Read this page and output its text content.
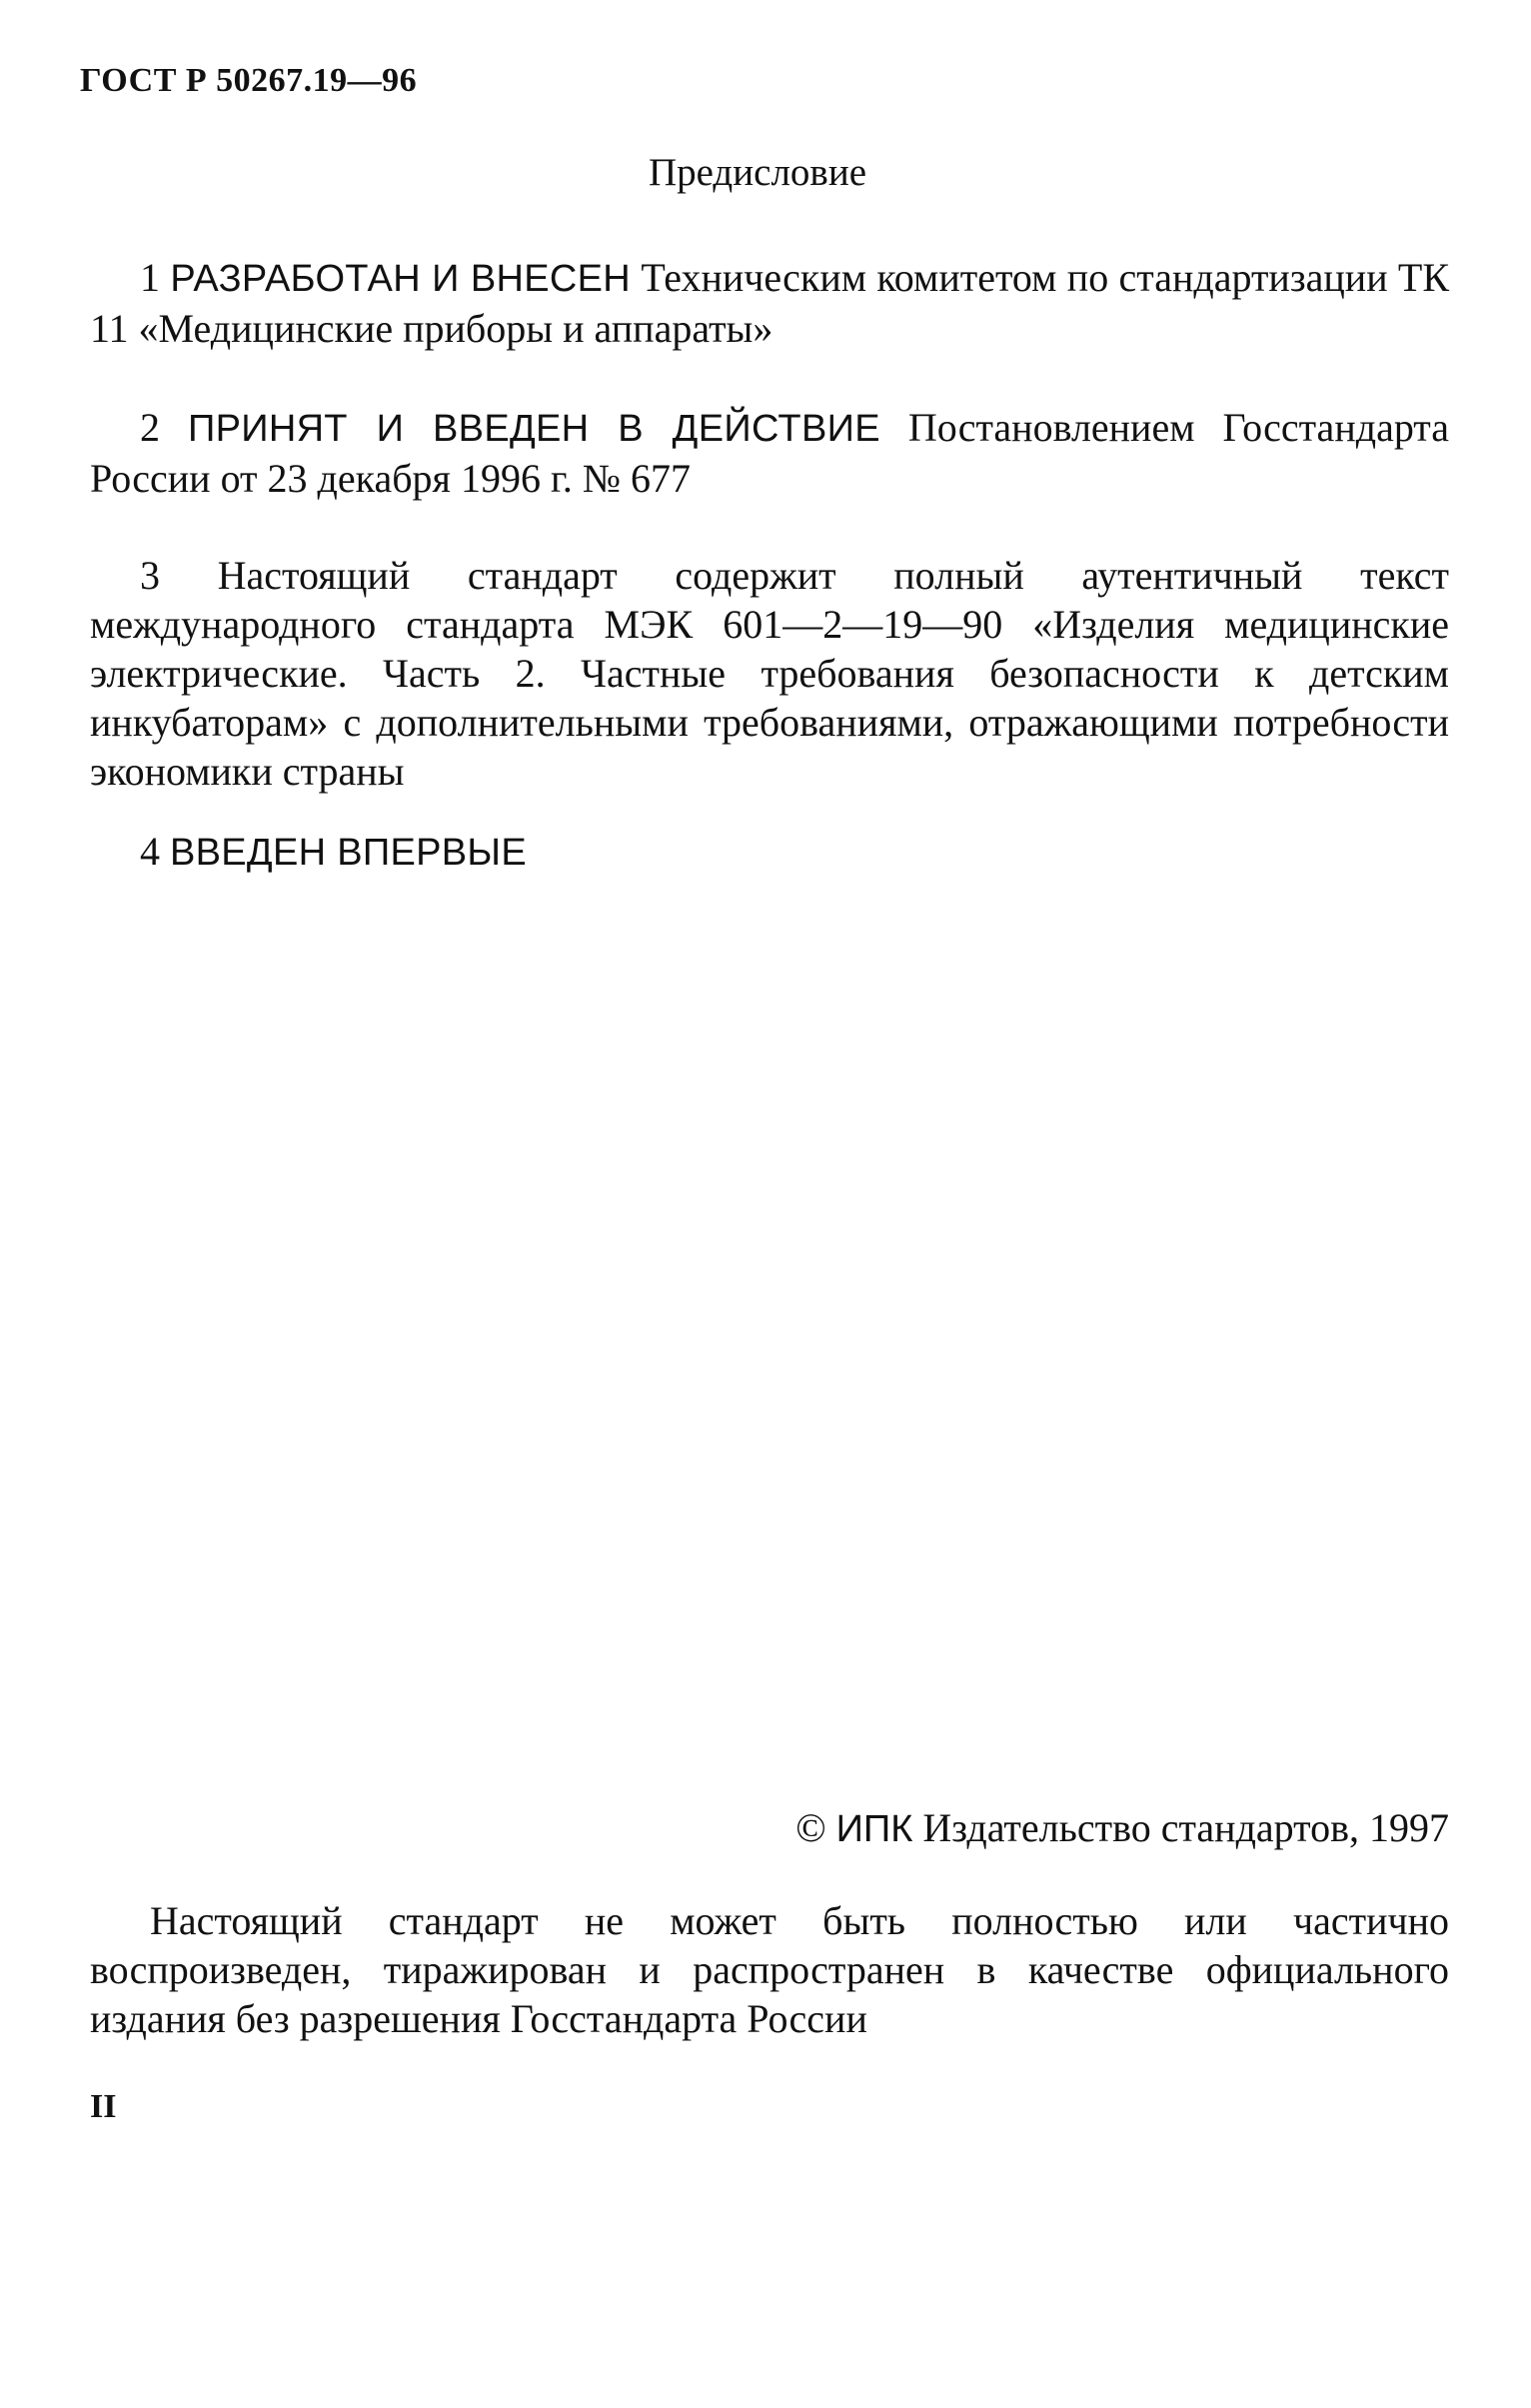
ГОСТ Р 50267.19—96
Предисловие

1 РАЗРАБОТАН И ВНЕСЕН Техническим комитетом по стандартизации ТК 11 «Медицинские приборы и аппараты»

2 ПРИНЯТ И ВВЕДЕН В ДЕЙСТВИЕ Постановлением Госстандарта России от 23 декабря 1996 г. № 677

3 Настоящий стандарт содержит полный аутентичный текст международного стандарта МЭК 601—2—19—90 «Изделия медицинские электрические. Часть 2. Частные требования безопасности к детским инкубаторам» с дополнительными требованиями, отражающими потребности экономики страны

4 ВВЕДЕН ВПЕРВЫЕ

© ИПК Издательство стандартов, 1997

Настоящий стандарт не может быть полностью или частично воспроизведен, тиражирован и распространен в качестве официального издания без разрешения Госстандарта России

II
